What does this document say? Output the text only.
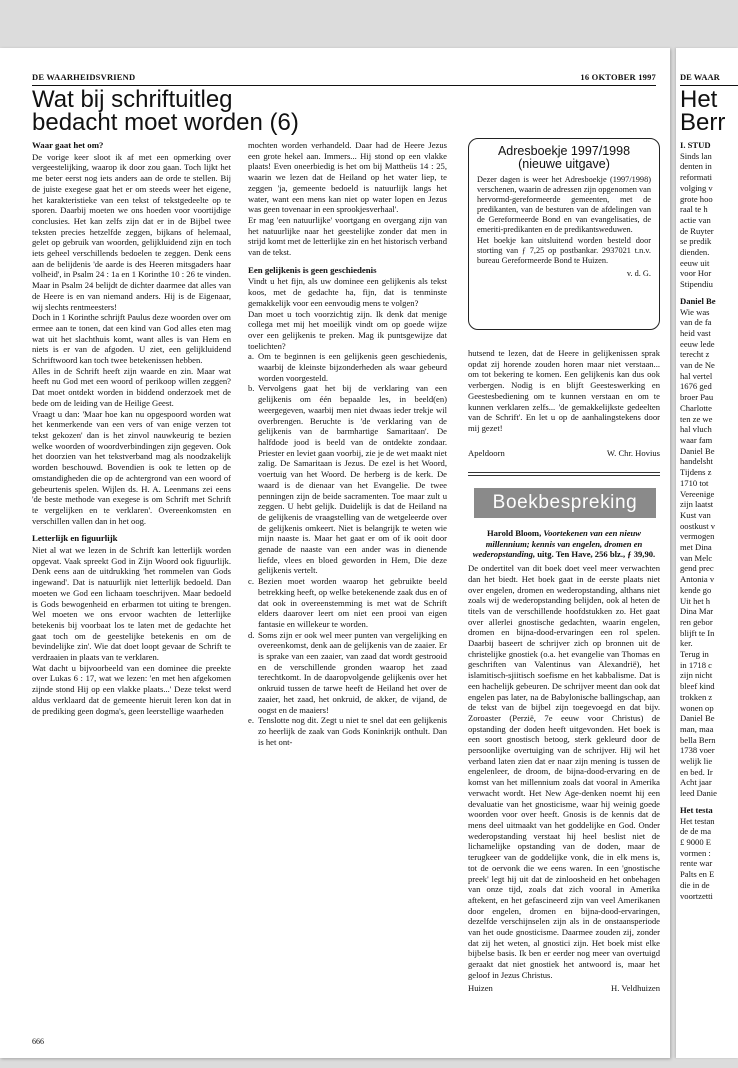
DE WAARHEIDSVRIEND	16 OKTOBER 1997
Wat bij schriftuitleg
bedacht moet worden (6)
Waar gaat het om?

De vorige keer sloot ik af met een opmerking over vergeestelijking, waarop ik door zou gaan. Toch lijkt het me beter eerst nog iets anders aan de orde te stellen. Bij de juiste exegese gaat het er om steeds weer het eigene, het karakteristieke van een tekst of tekstgedeelte op te sporen. Daarbij moeten we ons hoeden voor voortijdige conclusies. Het kan zelfs zijn dat er in de Bijbel twee teksten precies hetzelfde zeggen, bijkans of helemaal, gelet op gebruik van woorden, gelijkluidend zijn en toch iets geheel verschillends bedoelen te zeggen. Denk eens aan de belijdenis 'de aarde is des Heeren mitsgaders haar volheid', in Psalm 24 : 1a en 1 Korinthe 10 : 26 te vinden. Maar in Psalm 24 belijdt de dichter daarmee dat alles van de Heere is en van niemand anders. Hij is de Eigenaar, wij slechts rentmeesters!

Doch in 1 Korinthe schrijft Paulus deze woorden over om ermee aan te tonen, dat een kind van God alles eten mag wat uit het slachthuis komt, want alles is van Hem en niets is er van de afgoden. U ziet, een gelijkluidend Schriftwoord kan toch twee betekenissen hebben.

Alles in de Schrift heeft zijn waarde en zin. Maar wat heeft nu God met een woord of perikoop willen zeggen? Dat moet ontdekt worden in biddend onderzoek met de bede om de leiding van de Heilige Geest.

Vraagt u dan: 'Maar hoe kan nu opgespoord worden wat het kenmerkende van een vers of van enige verzen tot tekst gekozen' dan is het zinvol nauwkeurig te bezien welke woorden of woordverbindingen zijn gegeven. Ook het doorzien van het tekstverband mag als noodzakelijk worden beschouwd. Bovendien is ook te letten op de omstandigheden die op de achtergrond van een woord of gebeurtenis spelen. Wijlen ds. H. A. Leenmans zei eens 'de beste methode van exegese is om Schrift met Schrift te vergelijken en te verklaren'. Overeenkomsten en verschillen vallen dan in het oog.

Letterlijk en figuurlijk

Niet al wat we lezen in de Schrift kan letterlijk worden opgevat. Vaak spreekt God in Zijn Woord ook figuurlijk. Denk eens aan de uitdrukking 'het rommelen van Gods ingewand'. Dat is natuurlijk niet letterlijk bedoeld. Dan moeten we God een lichaam toeschrijven. Maar bedoeld is Gods bewogenheid en erbarmen tot uiting te brengen. Wel moeten we ons ervoor wachten de letterlijke betekenis bij voorbaat los te laten met de gedachte het gaat toch om de geestelijke betekenis en om de bevindelijke zin'. Wie dat doet loopt gevaar de Schrift te verdraaien in plaats van te verklaren.

Wat dacht u bijvoorbeeld van een dominee die preekte over Lukas 6 : 17, wat we lezen: 'en met hen afgekomen zijnde stond Hij op een vlakke plaats...' Deze tekst werd aldus verklaard dat de gemeente hieruit leren kon dat in de prediking geen dogma's, geen leerstellige waarheden

mochten worden verhandeld. Daar had de Heere Jezus een grote hekel aan. Immers... Hij stond op een vlakke plaats! Even oneerbiedig is het om bij Mattheüs 14 : 25, waarin we lezen dat de Heiland op het water liep, te zeggen 'ja, gemeente bedoeld is natuurlijk langs het water, want een mens kan niet op water lopen en Jezus was geen tovenaar in een sprookjesverhaal'.

Er mag 'een natuurlijke' voortgang en overgang zijn van het natuurlijke naar het geestelijke zonder dat men in strijd komt met de letterlijke zin en het historisch verband van de tekst.

Een gelijkenis is geen geschiedenis

Vindt u het fijn, als uw dominee een gelijkenis als tekst koos, met de gedachte ha, fijn, dat is tenminste gemakkelijk voor een eenvoudig mens te volgen?

Dan moet u toch voorzichtig zijn. Ik denk dat menige collega met mij het moeilijk vindt om op goede wijze over een gelijkenis te preken. Mag ik puntsgewijze dat toelichten?

a. Om te beginnen is een gelijkenis geen geschiedenis, waarbij de kleinste bijzonderheden als waar gebeurd worden voorgesteld.
b. Vervolgens gaat het bij de verklaring van een gelijkenis om één bepaalde les, in beeld(en) weergegeven, waarbij men niet dwaas ieder trekje wil overbrengen. Beruchte is 'de verklaring van de gelijkenis van de barmhartige Samaritaan'. De halfdode jood is beeld van de ontdekte zondaar. Priester en leviet gaan voorbij, zie je de wet maakt niet zalig. De Samaritaan is Jezus. De ezel is het Woord, voertuig van het Woord. De herberg is de kerk. De waard is de dienaar van het Evangelie. De twee penningen zijn de beide sacramenten. Toe maar zult u zeggen. U hebt gelijk. Duidelijk is dat de Heiland na de gelijkenis de vraagstelling van de wetgeleerde over de gelijkenis omkeert. Niet is belangrijk te weten wie mijn naaste is. Maar het gaat er om of ik ooit door genade de naaste van een ander was in dienende liefde, vlees en bloed geworden in Hem, Die deze gelijkenis vertelt.
c. Bezien moet worden waarop het gebruikte beeld betrekking heeft, op welke betekenende zaak dus en of dat ook in overeenstemming is met wat de Schrift elders daarover leert om niet een prooi van eigen fantasie en willekeur te worden.
d. Soms zijn er ook wel meer punten van vergelijking en overeenkomst, denk aan de gelijkenis van de zaaier. Er is sprake van een zaaier, van zaad dat wordt gestrooid en de verschillende gronden waarop het zaad terechtkomt. In de daaropvolgende gelijkenis over het onkruid tussen de tarwe heeft de Heiland het over de zaaier, het zaad, het onkruid, de akker, de vijand, de oogst en de maaiers!
e. Tenslotte nog dit. Zegt u niet te snel dat een gelijkenis zo heerlijk de zaak van Gods Koninkrijk onthult. Dan is het ont-
Adresboekje 1997/1998
(nieuwe uitgave)

Dezer dagen is weer het Adresboekje (1997/1998) verschenen, waarin de adressen zijn opgenomen van hervormd-gereformeerde gemeenten, met de predikanten, van de besturen van de afdelingen van de Gereformeerde Bond en van evangelisaties, de emeriti-predikanten en de predikantsweduwen.

Het boekje kan uitsluitend worden besteld door storting van ƒ 7,25 op postbankar. 2937021 t.n.v. bureau Gereformeerde Bond te Huizen.

v. d. G.

hutsend te lezen, dat de Heere in gelijkenissen sprak opdat zij horende zouden horen maar niet verstaan... om tot bekering te komen. Een gelijkenis kan dus ook verbergen. Nodig is en blijft Geesteswerking en Geestesbediening om te kunnen verstaan en om te kunnen verklaren zelfs... 'de gemakkelijkste gedeelten van de Schrift'. En let u op de aanhalingstekens door mij gezet!

Apeldoorn	W. Chr. Hovius
Boekbespreking
Harold Bloom, Voortekenen van een nieuw millennium; kennis van engelen, dromen en wederopstanding, uitg. Ten Have, 256 blz., ƒ 39,90.

De ondertitel van dit boek doet veel meer verwachten dan het biedt. Het boek gaat in de eerste plaats niet over engelen, dromen en wederopstanding, althans niet zoals wij de wederopstanding belijden, ook al heten de titels van de verschillende hoofdstukken zo. Het gaat over allerlei gnostische gedachten, waarin engelen, dromen en bijna-dood-ervaringen een rol spelen. Daarbij baseert de schrijver zich op bronnen uit de christelijke gnostiek (o.a. het evangelie van Thomas en geschriften van Valentinus van Alexandrië), het islamitisch-sjiitisch soefisme en het kabbalisme. Dat is een hachelijk gebeuren. De schrijver meent dan ook dat engelen pas later, na de Babylonische ballingschap, aan de tekst van de bijbel zijn toegevoegd en dat bijv. Zoroaster (Perzië, 7e eeuw voor Christus) de opstanding der doden heeft uitgevonden. Het boek is een soort gnostisch betoog, sterk gekleurd door de persoonlijke overtuiging van de schrijver. Hij wil het verband laten zien dat er naar zijn mening is tussen de engelenleer, de droom, de bijna-dood-ervaring en de komst van het millennium zoals dat vooral in Amerika verwacht wordt. Het New Age-denken noemt hij een devaluatie van het gnosticisme, waar hij weinig goede woorden voor over heeft. Gnosis is de kennis dat de mens deel uitmaakt van het goddelijke en God. Onder wederopstanding verstaat hij heel beslist niet de lichamelijke opstanding van de doden, maar de terugkeer van de goddelijke vonk, die in elk mens is, tot de oervonk die we eens waren. In een 'gnostische preek' legt hij uit dat de zinloosheid en het onbehagen van onze tijd, zoals dat zich vooral in Amerika aftekent, en het gefascineerd zijn van veel Amerikanen door engelen, dromen en bijna-dood-ervaringen, dezelfde verschijnselen zijn als in de onstaansperiode van het oude gnosticisme. Daarmee zouden zij, zonder dat zij het weten, al gnostici zijn. Het boek mist elke bijbelse basis. Ik ben er eerder nog meer van overtuigd geraakt dat niet gnostiek het antwoord is, maar het geloof in Jezus Christus.

Huizen	H. Veldhuizen
666
DE WAAR
Het
Berr
I. STUD
Sinds lan
denten in
reformati
volging v
grote hoo
raal te h
actie van
de Ruyter
se predik
dienden.
eeuw uit
voor Hor
Stipendiu
Daniel Be
Wie was
van de fa
heid vast
eeuw lede
terecht z
van de Ne
hal vertel
1676 ged
broer Pau
Charlotte
ten ze we
hal vluch
waar fam
Daniel Be
handelsht
Tijdens z
1710 tot
Vereenige
zijn laatst
Kust van
oostkust v
vermogen
met Dina
van Melc
gend prec
Antonia v
kende go
Uit het h
Dina Mar
ren gebor
blijft te In
ker.
Terug in
in 1718 c
zijn nicht
bleef kind
trokken z
wonen op
Daniel Be
man, maa
bella Bern
1738 voer
welijk lie
en bed. Ir
Acht jaar
leed Danie
Het testa
Het testan
de de ma
£ 9000 E
vormen :
rente war
Palts en E
die in de
voortzetti
